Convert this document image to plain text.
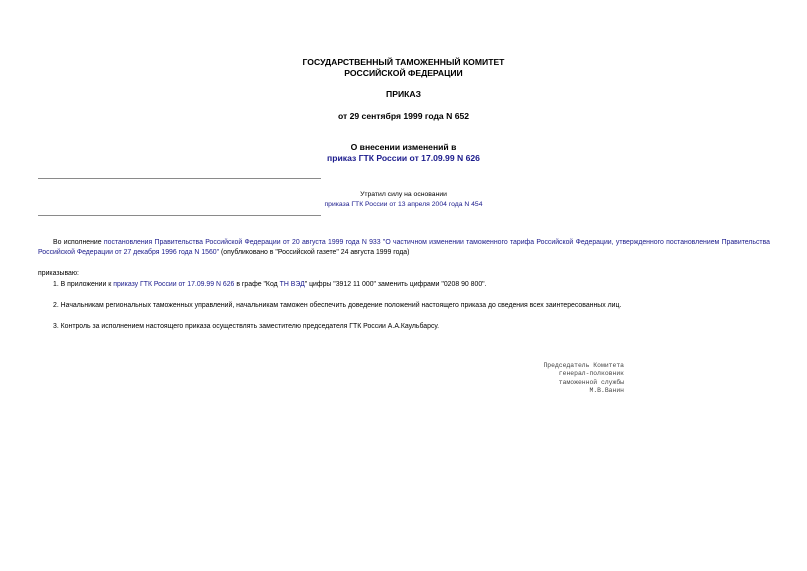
ГОСУДАРСТВЕННЫЙ ТАМОЖЕННЫЙ КОМИТЕТ
РОССИЙСКОЙ ФЕДЕРАЦИИ
ПРИКАЗ
от 29 сентября 1999 года N 652
О внесении изменений в
приказ ГТК России от 17.09.99 N 626
Утратил силу на основании
приказа ГТК России от 13 апреля 2004 года N 454
Во исполнение постановления Правительства Российской Федерации от 20 августа 1999 года N 933 "О частичном изменении таможенного тарифа Российской Федерации, утвержденного постановлением Правительства Российской Федерации от 27 декабря 1996 года N 1560" (опубликовано в "Российской газете" 24 августа 1999 года)
приказываю:
1. В приложении к приказу ГТК России от 17.09.99 N 626 в графе "Код ТН ВЭД" цифры "3912 11 000" заменить цифрами "0208 90 800".
2. Начальникам региональных таможенных управлений, начальникам таможен обеспечить доведение положений настоящего приказа до сведения всех заинтересованных лиц.
3. Контроль за исполнением настоящего приказа осуществлять заместителю председателя ГТК России А.А.Каульбарсу.
Председатель Комитета
генерал-полковник
таможенной службы
М.В.Ванин
